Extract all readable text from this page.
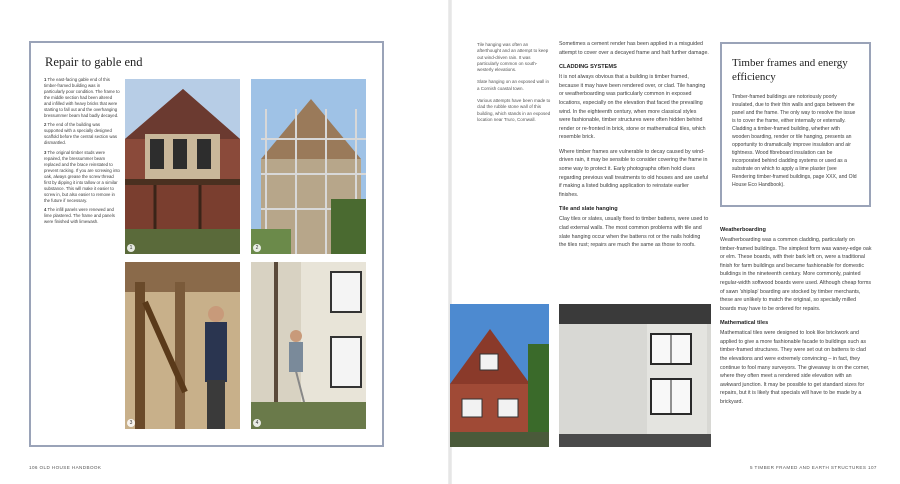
Repair to gable end

1 The east-facing gable end of this timber-framed building was in particularly poor condition. The frame to the middle section had been altered and infilled with heavy bricks that were starting to fall out and the overhanging bressummer beam had badly decayed.

2 The end of the building was supported with a specially designed scaffold before the central section was dismantled.

3 The original timber studs were repaired, the bressummer beam replaced and the brace reinstated to prevent racking. If you are screwing into oak, always grease the screw thread first by dipping it into tallow or a similar substance. This will make it easier to screw in, but also easier to remove in the future if necessary.

4 The infill panels were renewed and lime plastered. The frame and panels were finished with limewash.

1	2
3	4
106 OLD HOUSE HANDBOOK

Tile hanging was often an afterthought and an attempt to keep out wind-driven rain. It was particularly common on south-westerly elevations.

Slate hanging on an exposed wall in a Cornish coastal town.

Various attempts have been made to clad the rubble stone wall of this building, which stands in an exposed location near Truro, Cornwall.

Sometimes a cement render has been applied in a misguided attempt to cover over a decayed frame and halt further damage.

CLADDING SYSTEMS

It is not always obvious that a building is timber framed, because it may have been rendered over, or clad. Tile hanging or weatherboarding was particularly common in exposed locations, especially on the elevation that faced the prevailing wind. In the eighteenth century, when more classical styles were fashionable, timber structures were often hidden behind render or re-fronted in brick, stone or mathematical tiles, which resemble brick.

Where timber frames are vulnerable to decay caused by wind-driven rain, it may be sensible to consider covering the frame in some way to protect it. Early photographs often hold clues regarding previous wall treatments to old houses and are useful if making a listed building application to reinstate earlier finishes.

Tile and slate hanging

Clay tiles or slates, usually fixed to timber battens, were used to clad external walls. The most common problems with tile and slate hanging occur when the battens rot or the nails holding the tiles rust; repairs are much the same as those to roofs.

Timber frames and energy efficiency
Timber-framed buildings are notoriously poorly insulated, due to their thin walls and gaps between the panel and the frame. The only way to resolve the issue is to cover the frame, either internally or externally. Cladding a timber-framed building, whether with wooden boarding, render or tile hanging, presents an opportunity to dramatically improve insulation and air tightness. Wood fibreboard insulation can be incorporated behind cladding systems or used as a substrate on which to apply a lime plaster (see Rendering timber-framed buildings, page XXX, and Old House Eco Handbook).
Weatherboarding

Weatherboarding was a common cladding, particularly on timber-framed buildings. The simplest form was waney-edge oak or elm. These boards, with their bark left on, were a traditional finish for farm buildings and became fashionable for domestic buildings in the nineteenth century. More commonly, painted regular-width softwood boards were used. Although cheap forms of sawn 'shiplap' boarding are stocked by timber merchants, these are unlikely to match the original, so specially milled boards may have to be ordered for repairs.

Mathematical tiles

Mathematical tiles were designed to look like brickwork and applied to give a more fashionable facade to buildings such as timber-framed structures. They were set out on battens to clad the elevations and were extremely convincing – in fact, they continue to fool many surveyors. The giveaway is on the corner, where they often meet a rendered side elevation with an awkward junction. It may be possible to get standard sizes for repairs, but it is likely that specials will have to be made by a brickyard.

5 TIMBER FRAMED AND EARTH STRUCTURES 107
